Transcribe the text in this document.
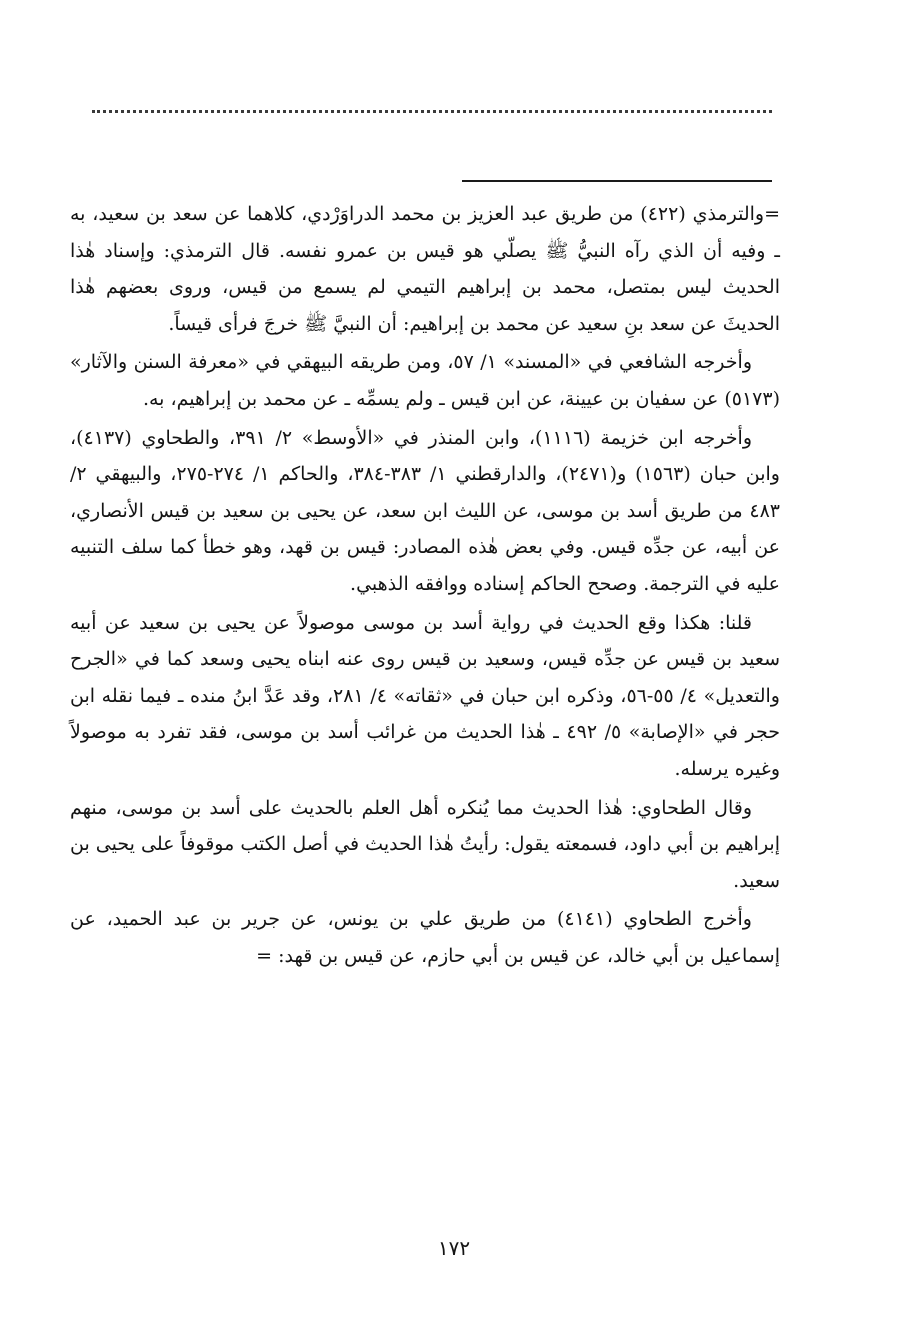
=والترمذي (٤٢٢) من طريق عبد العزيز بن محمد الدراوَرْدي، كلاهما عن سعد بن سعيد، به ـ وفيه أن الذي رآه النبيُّ ﷺ يصلّي هو قيس بن عمرو نفسه. قال الترمذي: وإسناد هٰذا الحديث ليس بمتصل، محمد بن إبراهيم التيمي لم يسمع من قيس، وروى بعضهم هٰذا الحديثَ عن سعد بنِ سعيد عن محمد بن إبراهيم: أن النبيَّ ﷺ خرجَ فرأى قيساً.

وأخرجه الشافعي في «المسند» ١/ ٥٧، ومن طريقه البيهقي في «معرفة السنن والآثار» (٥١٧٣) عن سفيان بن عيينة، عن ابن قيس ـ ولم يسمِّه ـ عن محمد بن إبراهيم، به.

وأخرجه ابن خزيمة (١١١٦)، وابن المنذر في «الأوسط» ٢/ ٣٩١، والطحاوي (٤١٣٧)، وابن حبان (١٥٦٣) و(٢٤٧١)، والدارقطني ١/ ٣٨٣-٣٨٤، والحاكم ١/ ٢٧٤-٢٧٥، والبيهقي ٢/ ٤٨٣ من طريق أسد بن موسى، عن الليث ابن سعد، عن يحيى بن سعيد بن قيس الأنصاري، عن أبيه، عن جدِّه قيس. وفي بعض هٰذه المصادر: قيس بن قهد، وهو خطأ كما سلف التنبيه عليه في الترجمة. وصحح الحاكم إسناده ووافقه الذهبي.

قلنا: هكذا وقع الحديث في رواية أسد بن موسى موصولاً عن يحيى بن سعيد عن أبيه سعيد بن قيس عن جدِّه قيس، وسعيد بن قيس روى عنه ابناه يحيى وسعد كما في «الجرح والتعديل» ٤/ ٥٥-٥٦، وذكره ابن حبان في «ثقاته» ٤/ ٢٨١، وقد عَدَّ ابنُ منده ـ فيما نقله ابن حجر في «الإصابة» ٥/ ٤٩٢ ـ هٰذا الحديث من غرائب أسد بن موسى، فقد تفرد به موصولاً وغيره يرسله.

وقال الطحاوي: هٰذا الحديث مما يُنكره أهل العلم بالحديث على أسد بن موسى، منهم إبراهيم بن أبي داود، فسمعته يقول: رأيتُ هٰذا الحديث في أصل الكتب موقوفاً على يحيى بن سعيد.

وأخرج الطحاوي (٤١٤١) من طريق علي بن يونس، عن جرير بن عبد الحميد، عن إسماعيل بن أبي خالد، عن قيس بن أبي حازم، عن قيس بن قهد: =

١٧٢
